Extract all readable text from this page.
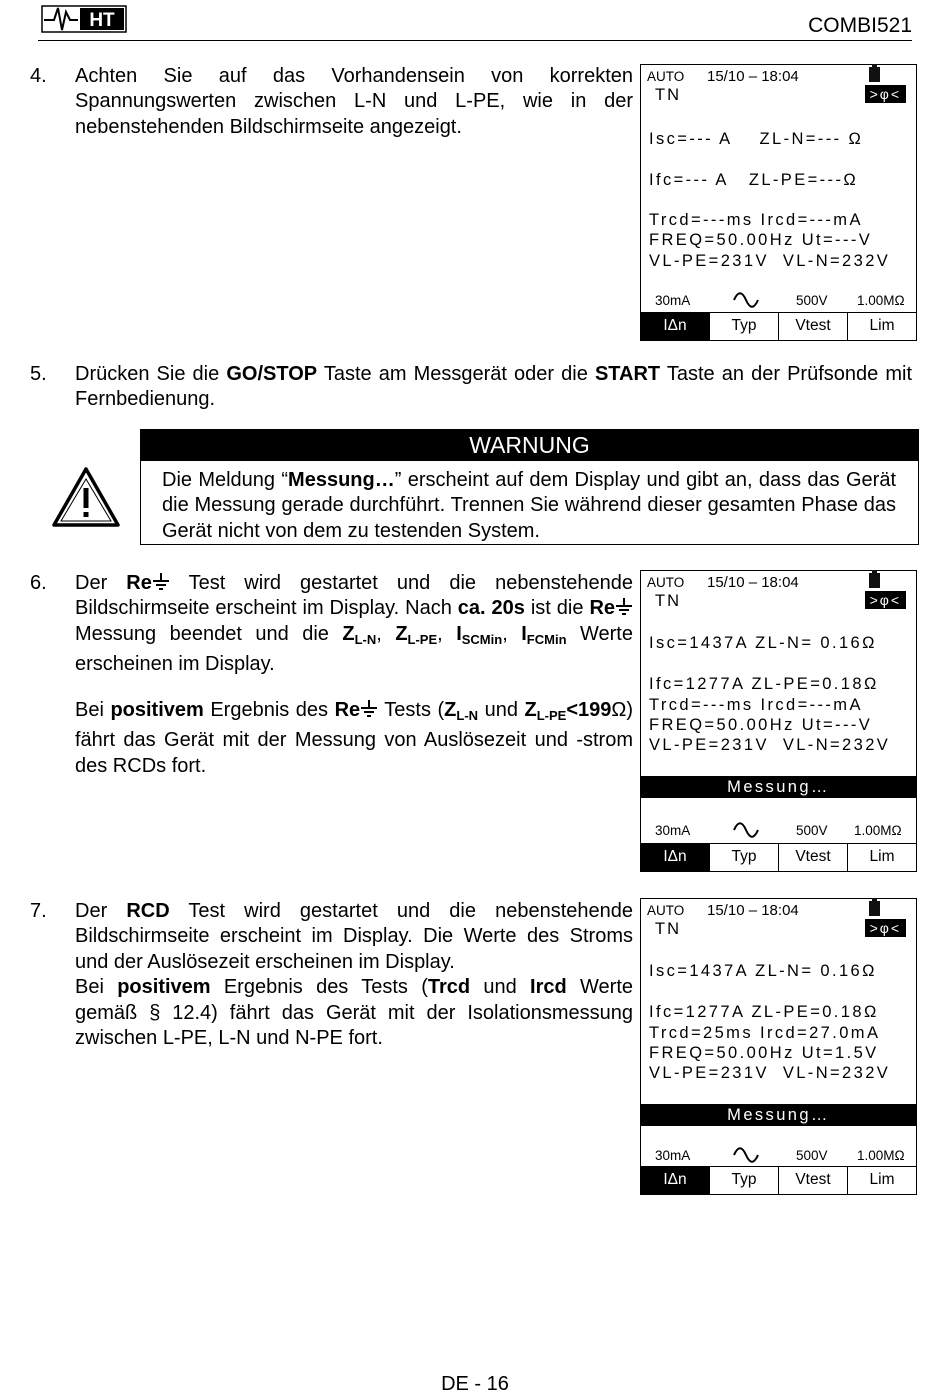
HT	COMBI521
4. Achten Sie auf das Vorhandensein von korrekten Spannungswerten zwischen L-N und L-PE, wie in der nebenstehenden Bildschirmseite angezeigt.
AUTO 15/10 – 18:04
TN	>φ<
Isc=--- A    ZL-N=--- Ω
Ifc=--- A   ZL-PE=---Ω
Trcd=---ms Ircd=---mA
FREQ=50.00Hz Ut=---V
VL-PE=231V  VL-N=232V
30mA	500V 1.00MΩ
IΔn	Typ	Vtest	Lim
5. Drücken Sie die GO/STOP Taste am Messgerät oder die START Taste an der Prüfsonde mit Fernbedienung.
WARNUNG
Die Meldung “Messung…” erscheint auf dem Display und gibt an, dass das Gerät die Messung gerade durchführt. Trennen Sie während dieser gesamten Phase das Gerät nicht von dem zu testenden System.
6. Der Re Test wird gestartet und die nebenstehende Bildschirmseite erscheint im Display. Nach ca. 20s ist die Re Messung beendet und die $Z_{L-N}$, $Z_{L-PE}$, $I_{SCMin}$, $I_{FCMin}$ Werte erscheinen im Display.
Bei positivem Ergebnis des Re Tests ($Z_{L-N}$ und $Z_{L-PE}<199\Omega$) fährt das Gerät mit der Messung von Auslösezeit und -strom des RCDs fort.
AUTO 15/10 – 18:04
TN	>φ<
Isc=1437A ZL-N= 0.16Ω
Ifc=1277A ZL-PE=0.18Ω
Trcd=---ms Ircd=---mA
FREQ=50.00Hz Ut=---V
VL-PE=231V  VL-N=232V
Messung…
30mA	500V 1.00MΩ
IΔn	Typ	Vtest	Lim
7. Der RCD Test wird gestartet und die nebenstehende Bildschirmseite erscheint im Display. Die Werte des Stroms und der Auslösezeit erscheinen im Display.
Bei positivem Ergebnis des Tests (Trcd und Ircd Werte gemäß § 12.4) fährt das Gerät mit der Isolationsmessung zwischen L-PE, L-N und N-PE fort.
AUTO 15/10 – 18:04
TN	>φ<
Isc=1437A ZL-N= 0.16Ω
Ifc=1277A ZL-PE=0.18Ω
Trcd=25ms Ircd=27.0mA
FREQ=50.00Hz Ut=1.5V
VL-PE=231V  VL-N=232V
Messung…
30mA	500V 1.00MΩ
IΔn	Typ	Vtest	Lim
DE - 16
